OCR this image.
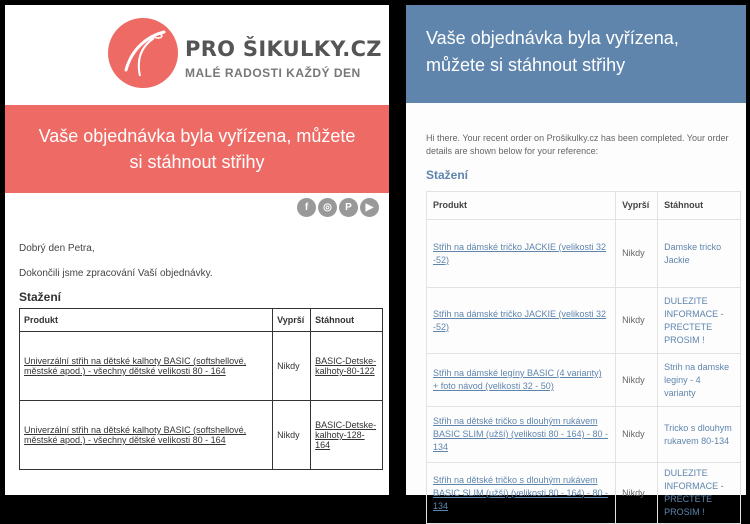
PRO ŠIKULKY.CZ
MALÉ RADOSTI KAŽDÝ DEN
Vaše objednávka byla vyřízena, můžete si stáhnout střihy
f	◎	P	▶
Dobrý den Petra,
Dokončili jsme zpracování Vaší objednávky.
Stažení
Produkt	Vyprší	Stáhnout
Univerzální střih na dětské kalhoty BASIC (softshellové, městské apod.) - všechny dětské velikosti 80 - 164	Nikdy	BASIC-Detske-kalhoty-80-122
Univerzální střih na dětské kalhoty BASIC (softshellové, městské apod.) - všechny dětské velikosti 80 - 164	Nikdy	BASIC-Detske-kalhoty-128-164
Vaše objednávka byla vyřízena, můžete si stáhnout střihy
Hi there. Your recent order on Prošikulky.cz has been completed. Your order details are shown below for your reference:
Stažení
Produkt	Vyprší	Stáhnout
Střih na dámské tričko JACKIE (velikosti 32 -52)	Nikdy	Damske tricko Jackie
Střih na dámské tričko JACKIE (velikosti 32 -52)	Nikdy	DULEZITE INFORMACE - PRECTETE PROSIM !
Střih na dámské legíny BASIC (4 varianty) + foto návod (velikosti 32 - 50)	Nikdy	Strih na damske leginy - 4 varianty
Střih na dětské tričko s dlouhým rukávem BASIC SLIM (užší) (velikosti 80 - 164) - 80 - 134	Nikdy	Tricko s dlouhym rukavem 80-134
Střih na dětské tričko s dlouhým rukávem BASIC SLIM (užší) (velikosti 80 - 164) - 80 - 134	Nikdy	DULEZITE INFORMACE - PRECTETE PROSIM !
